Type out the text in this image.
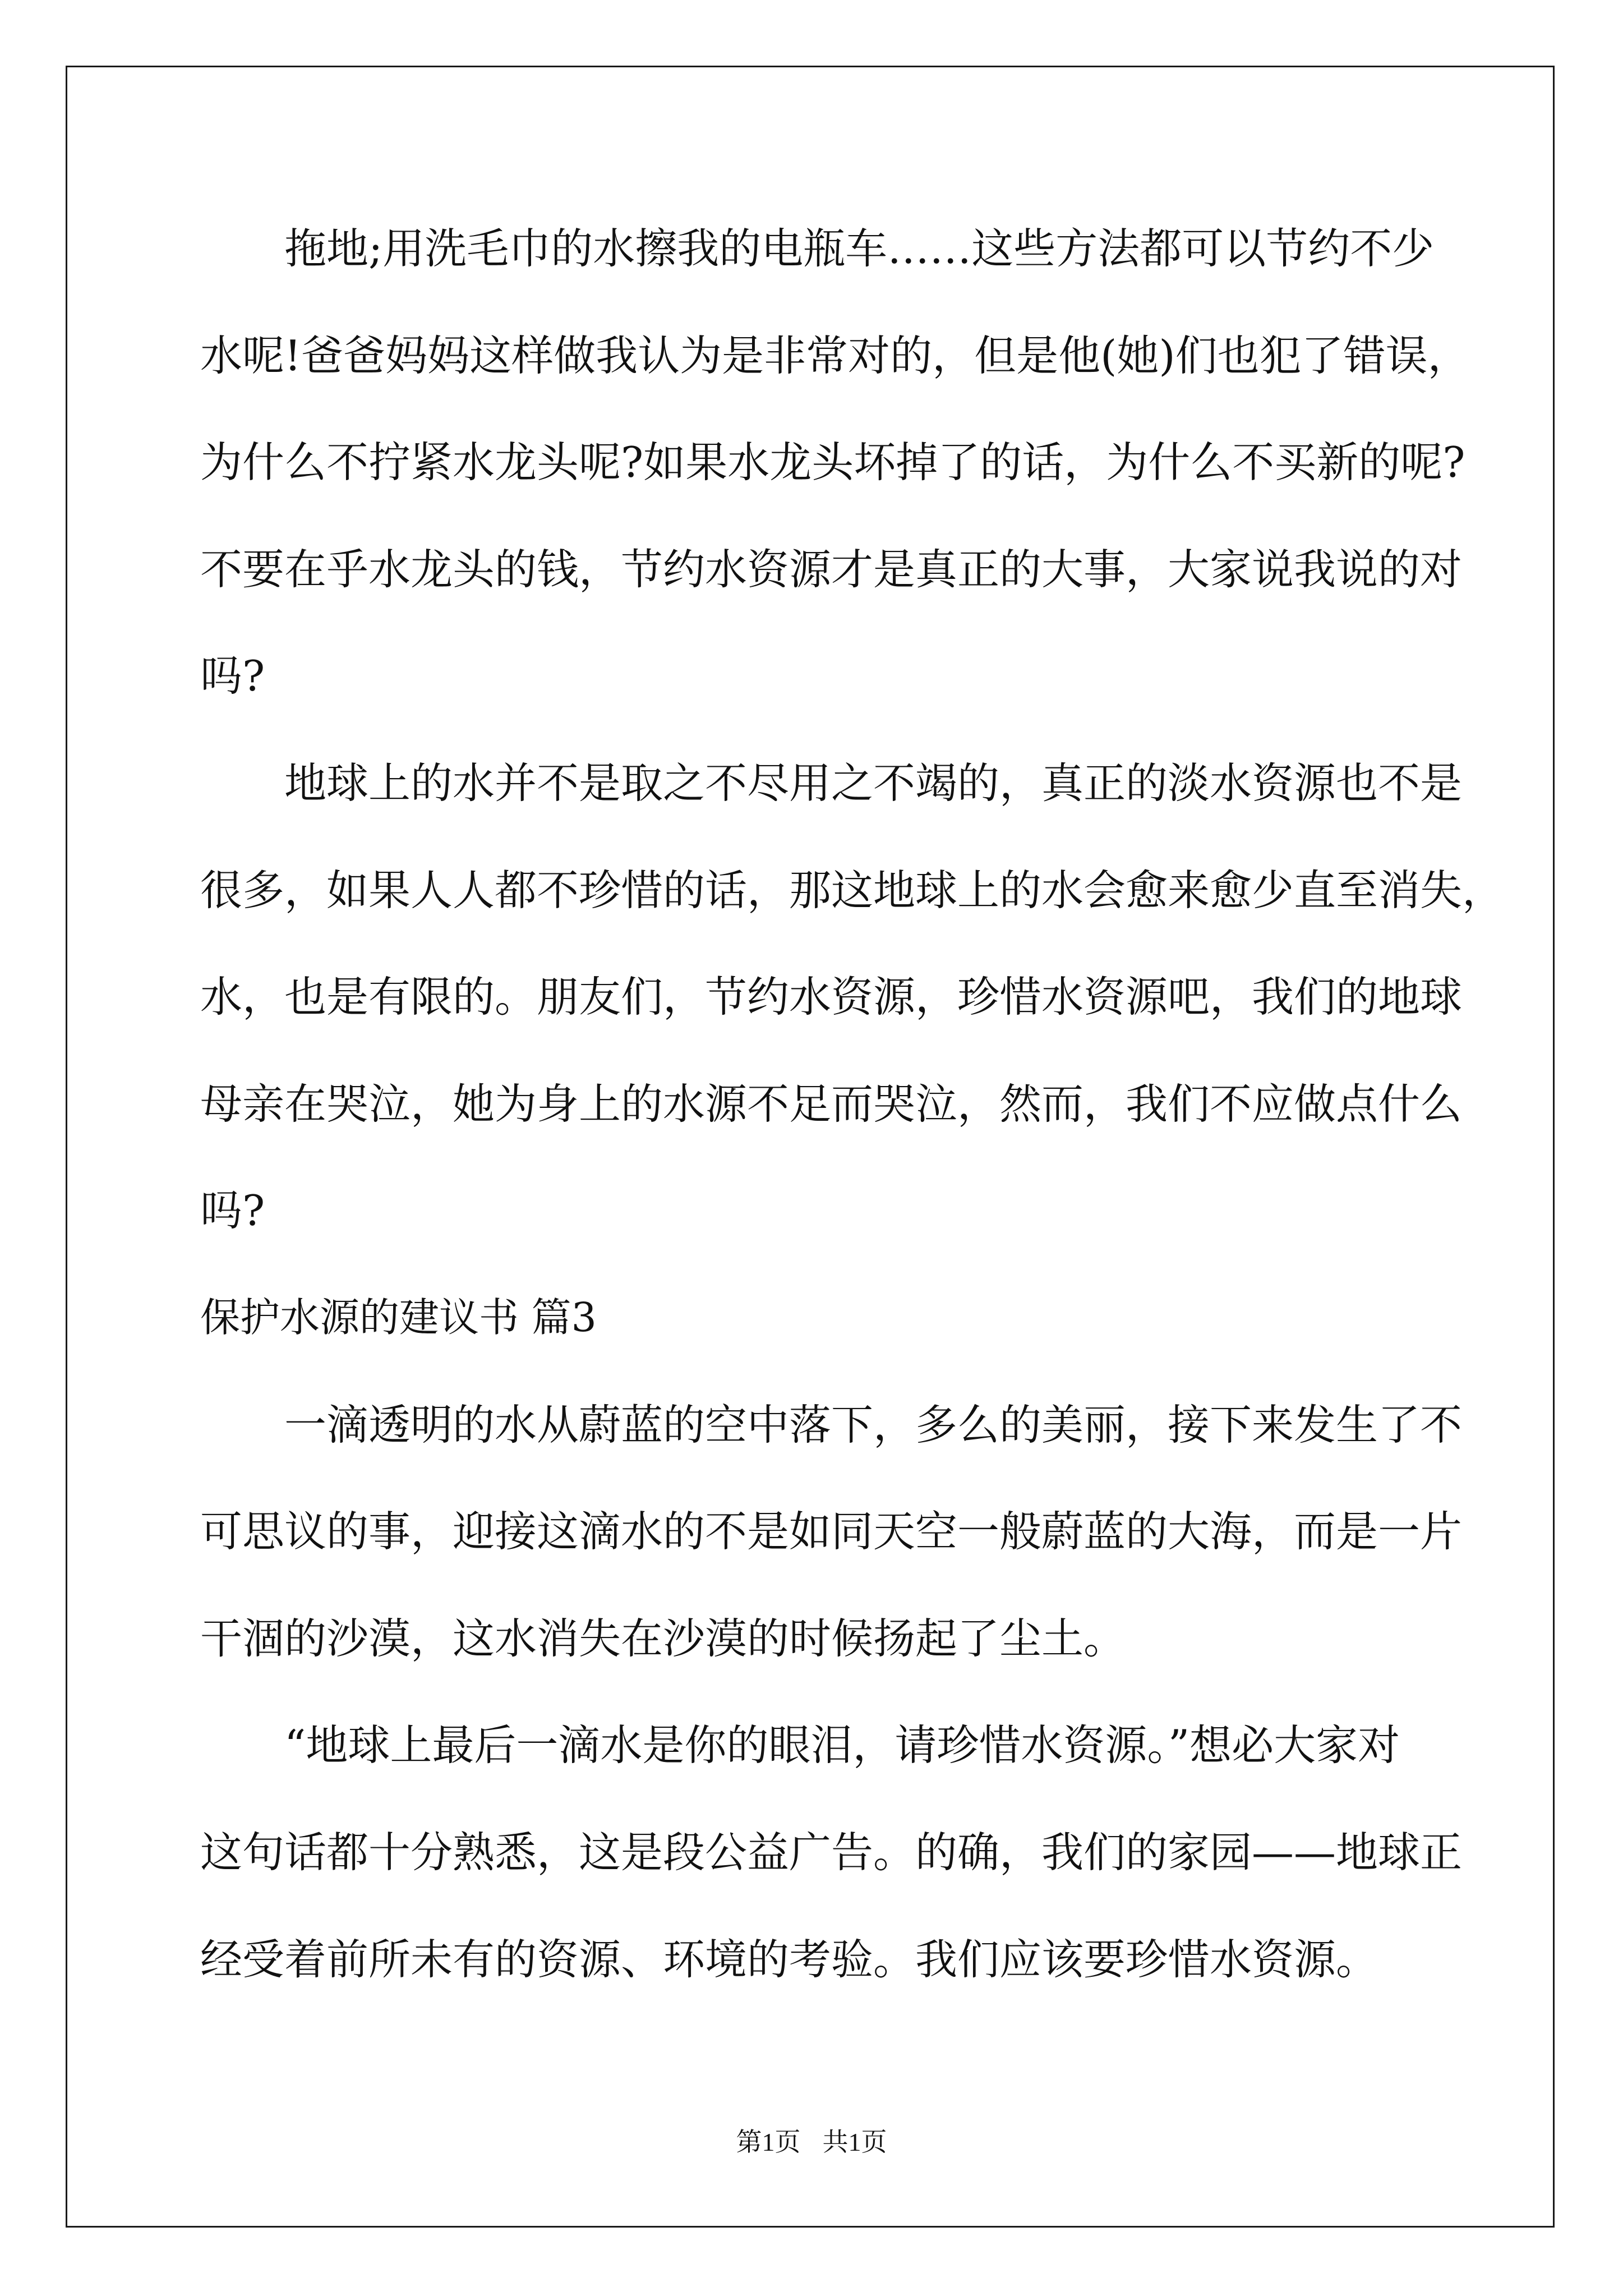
拖地;用洗毛巾的水擦我的电瓶车……这些方法都可以节约不少
水呢!爸爸妈妈这样做我认为是非常对的，但是他(她)们也犯了错误，
为什么不拧紧水龙头呢?如果水龙头坏掉了的话，为什么不买新的呢?
不要在乎水龙头的钱，节约水资源才是真正的大事，大家说我说的对
吗?
地球上的水并不是取之不尽用之不竭的，真正的淡水资源也不是
很多，如果人人都不珍惜的话，那这地球上的水会愈来愈少直至消失，
水，也是有限的。朋友们，节约水资源，珍惜水资源吧，我们的地球
母亲在哭泣，她为身上的水源不足而哭泣，然而，我们不应做点什么
吗?
保护水源的建议书 篇3
一滴透明的水从蔚蓝的空中落下，多么的美丽，接下来发生了不
可思议的事，迎接这滴水的不是如同天空一般蔚蓝的大海，而是一片
干涸的沙漠，这水消失在沙漠的时候扬起了尘土。
“地球上最后一滴水是你的眼泪，请珍惜水资源。”想必大家对
这句话都十分熟悉，这是段公益广告。的确，我们的家园——地球正
经受着前所未有的资源、环境的考验。我们应该要珍惜水资源。
第1页 共1页
